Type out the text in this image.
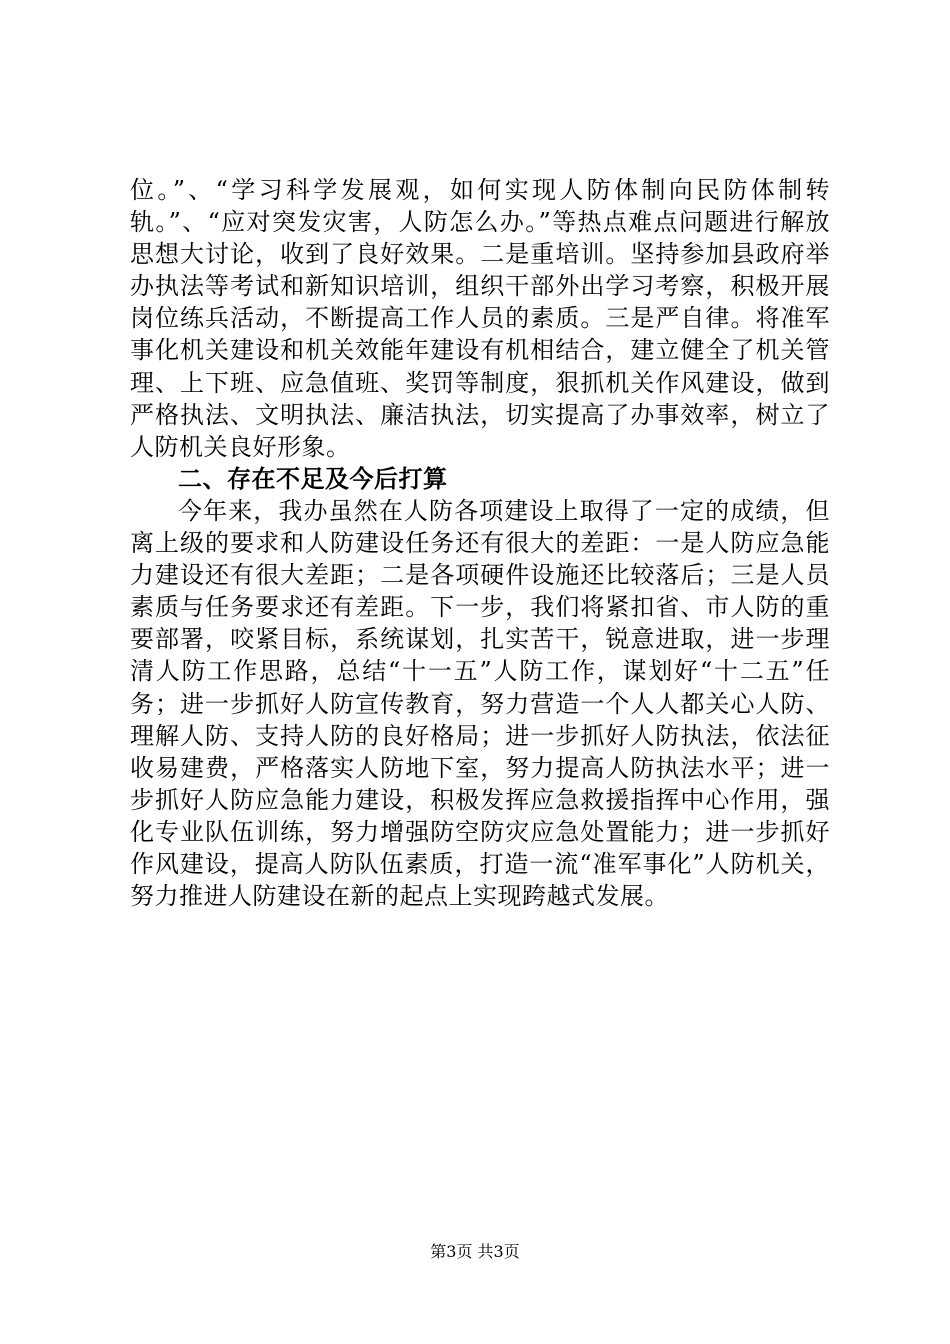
位。”、“学习科学发展观，如何实现人防体制向民防体制转轨。”、“应对突发灾害，人防怎么办。”等热点难点问题进行解放思想大讨论，收到了良好效果。二是重培训。坚持参加县政府举办执法等考试和新知识培训，组织干部外出学习考察，积极开展岗位练兵活动，不断提高工作人员的素质。三是严自律。将准军事化机关建设和机关效能年建设有机相结合，建立健全了机关管理、上下班、应急值班、奖罚等制度，狠抓机关作风建设，做到严格执法、文明执法、廉洁执法，切实提高了办事效率，树立了人防机关良好形象。

二、存在不足及今后打算

今年来，我办虽然在人防各项建设上取得了一定的成绩，但离上级的要求和人防建设任务还有很大的差距：一是人防应急能力建设还有很大差距；二是各项硬件设施还比较落后；三是人员素质与任务要求还有差距。下一步，我们将紧扣省、市人防的重要部署，咬紧目标，系统谋划，扎实苦干，锐意进取，进一步理清人防工作思路，总结“十一五”人防工作，谋划好“十二五”任务；进一步抓好人防宣传教育，努力营造一个人人都关心人防、理解人防、支持人防的良好格局；进一步抓好人防执法，依法征收易建费，严格落实人防地下室，努力提高人防执法水平；进一步抓好人防应急能力建设，积极发挥应急救援指挥中心作用，强化专业队伍训练，努力增强防空防灾应急处置能力；进一步抓好作风建设，提高人防队伍素质，打造一流“准军事化”人防机关，努力推进人防建设在新的起点上实现跨越式发展。

第3页 共3页
